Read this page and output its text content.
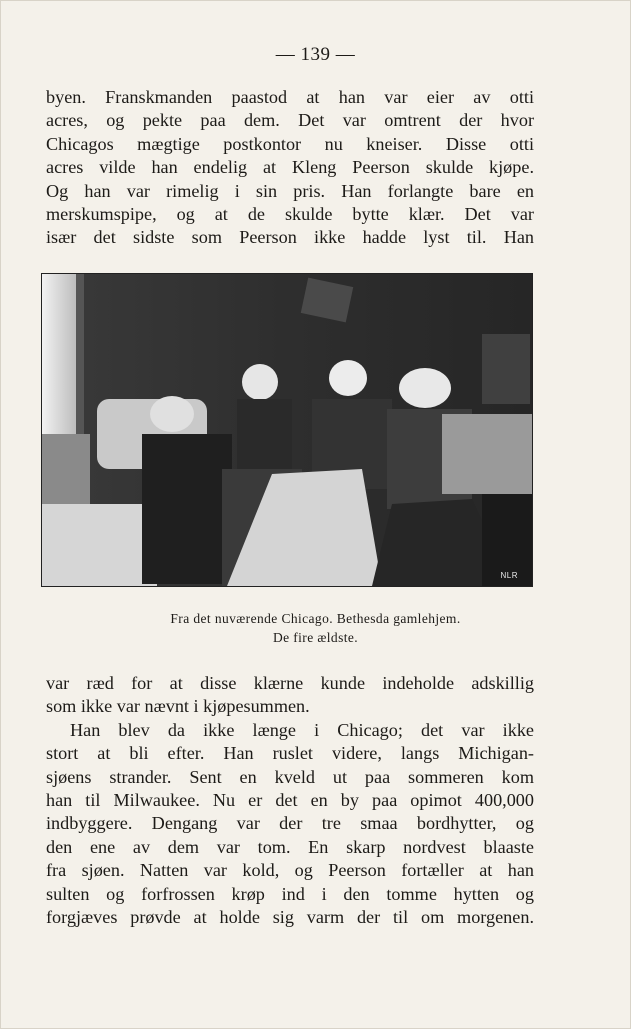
— 139 —
byen. Franskmanden paastod at han var eier av otti
acres, og pekte paa dem. Det var omtrent der hvor
Chicagos mægtige postkontor nu kneiser. Disse otti
acres vilde han endelig at Kleng Peerson skulde kjøpe.
Og han var rimelig i sin pris. Han forlangte bare en
merskumspipe, og at de skulde bytte klær. Det var
især det sidste som Peerson ikke hadde lyst til. Han
NLR
Fra det nuværende Chicago. Bethesda gamlehjem.
De fire ældste.
var ræd for at disse klærne kunde indeholde adskillig
som ikke var nævnt i kjøpesummen.
Han blev da ikke længe i Chicago; det var ikke
stort at bli efter. Han ruslet videre, langs Michigan-
sjøens strander. Sent en kveld ut paa sommeren kom
han til Milwaukee. Nu er det en by paa opimot 400,000
indbyggere. Dengang var der tre smaa bordhytter, og
den ene av dem var tom. En skarp nordvest blaaste
fra sjøen. Natten var kold, og Peerson fortæller at han
sulten og forfrossen krøp ind i den tomme hytten og
forgjæves prøvde at holde sig varm der til om morgenen.
